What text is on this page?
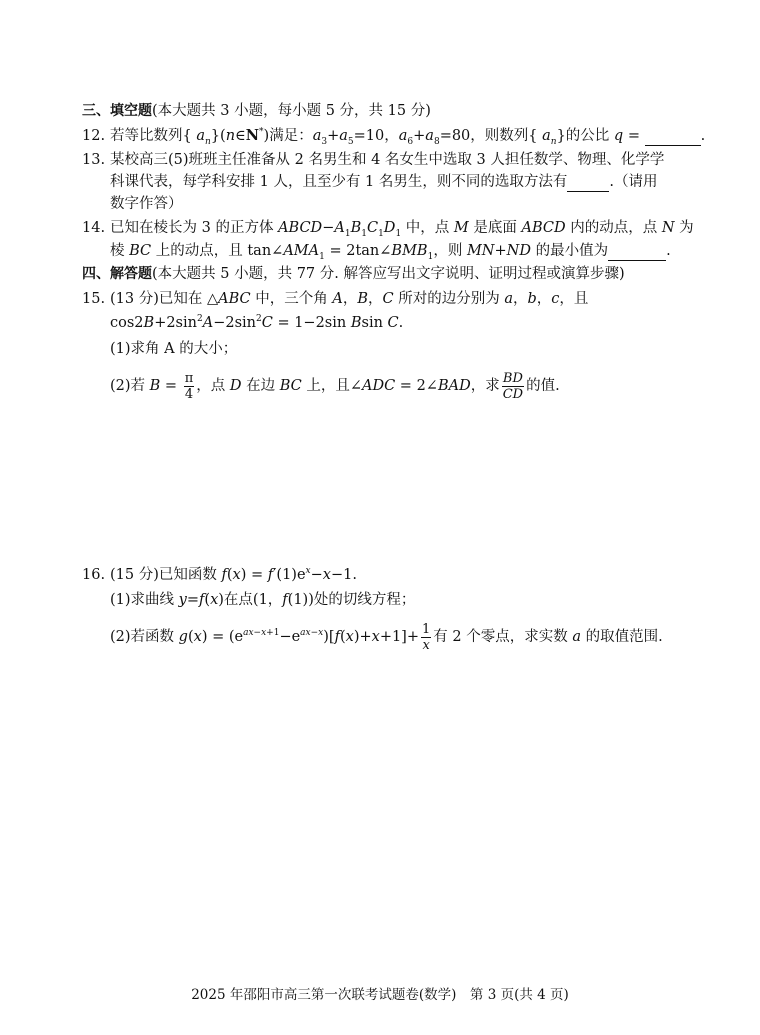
三、填空题(本大题共 3 小题，每小题 5 分，共 15 分)
12. 若等比数列{ $a_n\}(n\in N^*)$满足：$a_3+a_5=10$，$a_6+a_8=80$，则数列{ $a_n$}的公比 q =	.
13. 某校高三(5)班班主任准备从 2 名男生和 4 名女生中选取 3 人担任数学、物理、化学学
科课代表，每学科安排 1 人，且至少有 1 名男生，则不同的选取方法有	.（请用
数字作答）
14. 已知在棱长为 3 的正方体 $ABCD-A_1B_1C_1D_1$ 中，点 M 是底面 ABCD 内的动点，点 N 为
棱 BC 上的动点，且 $\tan\angle AMA_1$ = $2\tan\angle BMB_1$，则 MN+ND 的最小值为	.
四、解答题(本大题共 5 小题，共 77 分. 解答应写出文字说明、证明过程或演算步骤)
15. (13 分)已知在 △ABC 中，三个角 A，B，C 所对的边分别为 a，b，c，且
$\cos 2B+2\sin^2A-2\sin^2C = 1-2\sin$ Bsin C.
(1)求角 A 的大小；
(2)若 $B = \frac{\pi}{4}$ ，点 D 在边 BC 上，且∠ADC = 2∠BAD，求 $\frac{BD}{CD}$ 的值.
16. (15 分)已知函数 $f(x) = f'(1)e^x-x-1$.
(1)求曲线 y=f(x)在点(1，f(1))处的切线方程；
(2)若函数 $g(x) = (e^{ax-x+1}-e^{ax-x})[f(x)+x+1]+ \frac{1}{x}$ 有 2 个零点，求实数 a 的取值范围.
2025 年邵阳市高三第一次联考试题卷(数学)　第 3 页(共 4 页)
